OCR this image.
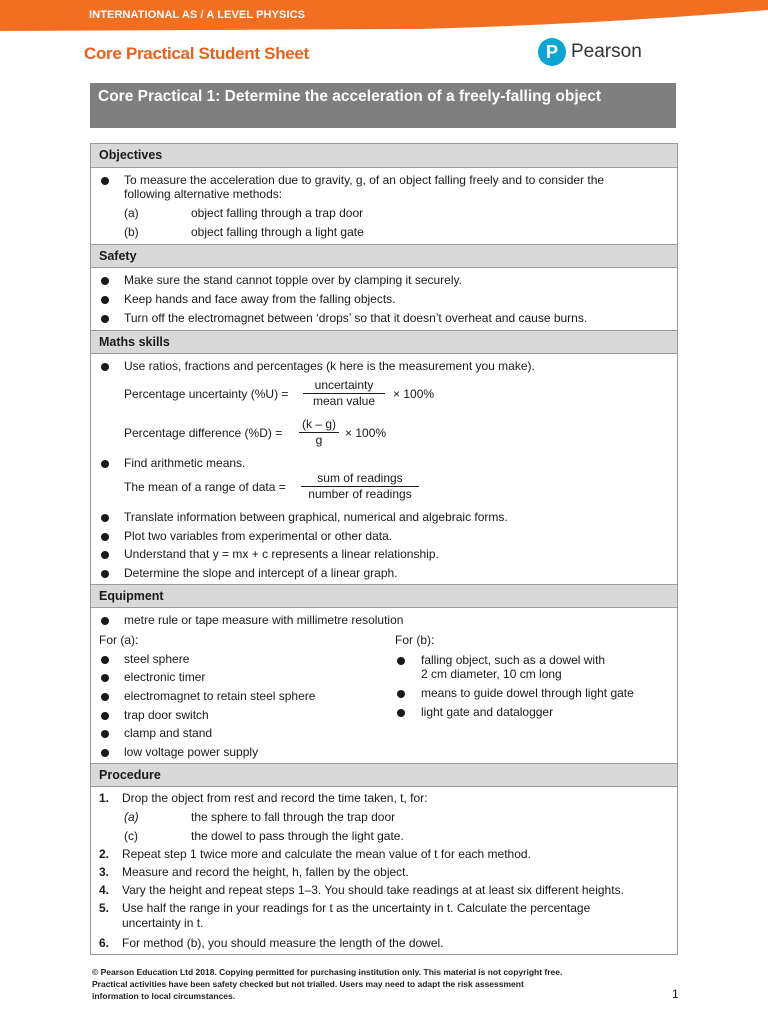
INTERNATIONAL AS / A LEVEL PHYSICS
Core Practical Student Sheet	P Pearson
Core Practical 1: Determine the acceleration of a freely-falling object
Objectives
To measure the acceleration due to gravity, g, of an object falling freely and to consider the
following alternative methods:
(a)	object falling through a trap door
(b)	object falling through a light gate
Safety
Make sure the stand cannot topple over by clamping it securely.
Keep hands and face away from the falling objects.
Turn off the electromagnet between ‘drops’ so that it doesn’t overheat and cause burns.
Maths skills
Use ratios, fractions and percentages (k here is the measurement you make).
Percentage uncertainty (%U) =
uncertainty
mean value	× 100%
Percentage difference $(\%D) = \frac{(k - g)}{g} \times 100\%$
Find arithmetic means.
The mean of a range of data =
sum of readings
number of readings
Translate information between graphical, numerical and algebraic forms.
Plot two variables from experimental or other data.
Understand that y = mx + c represents a linear relationship.
Determine the slope and intercept of a linear graph.
Equipment
metre rule or tape measure with millimetre resolution
For (a):
steel sphere
electronic timer
electromagnet to retain steel sphere
trap door switch
clamp and stand
low voltage power supply
For (b):
falling object, such as a dowel with
2 cm diameter, 10 cm long
means to guide dowel through light gate
light gate and datalogger
Procedure
1. Drop the object from rest and record the time taken, t, for:
(a)	the sphere to fall through the trap door
(c)	the dowel to pass through the light gate.
2. Repeat step 1 twice more and calculate the mean value of t for each method.
3. Measure and record the height, h, fallen by the object.
4. Vary the height and repeat steps 1–3. You should take readings at at least six different heights.
5. Use half the range in your readings for t as the uncertainty in t. Calculate the percentage
uncertainty in t.
6. For method (b), you should measure the length of the dowel.
© Pearson Education Ltd 2018. Copying permitted for purchasing institution only. This material is not copyright free.
Practical activities have been safety checked but not trialled. Users may need to adapt the risk assessment
information to local circumstances.	1
